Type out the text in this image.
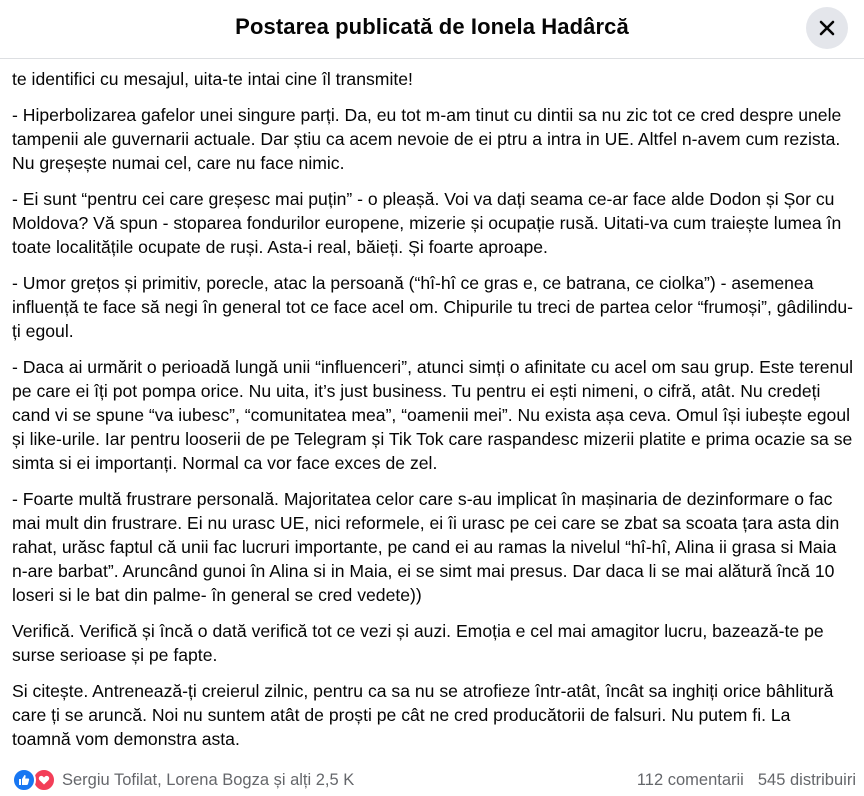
Postarea publicată de Ionela Hadârcă

te identifici cu mesajul, uita-te intai cine îl transmite!

- Hiperbolizarea gafelor unei singure parți. Da, eu tot m-am tinut cu dintii sa nu zic tot ce cred despre unele tampenii ale guvernarii actuale. Dar știu ca acem nevoie de ei ptru a intra in UE. Altfel n-avem cum rezista. Nu greșește numai cel, care nu face nimic.

- Ei sunt “pentru cei care greșesc mai puțin” - o pleașă. Voi va dați seama ce-ar face alde Dodon și Șor cu Moldova? Vă spun - stoparea fondurilor europene, mizerie și ocupație rusă. Uitati-va cum traiește lumea în toate localitățile ocupate de ruși. Asta-i real, băieți. Și foarte aproape.

- Umor grețos și primitiv, porecle, atac la persoană (“hî-hî ce gras e, ce batrana, ce ciolka”) - asemenea influență te face să negi în general tot ce face acel om. Chipurile tu treci de partea celor “frumoși”, gâdilindu-ți egoul.

- Daca ai urmărit o perioadă lungă unii “influenceri”, atunci simți o afinitate cu acel om sau grup. Este terenul pe care ei îți pot pompa orice. Nu uita, it’s just business. Tu pentru ei ești nimeni, o cifră, atât. Nu credeți cand vi se spune “va iubesc”, “comunitatea mea”, “oamenii mei”. Nu exista așa ceva. Omul își iubește egoul și like-urile. Iar pentru looserii de pe Telegram și Tik Tok care raspandesc mizerii platite e prima ocazie sa se simta si ei importanți. Normal ca vor face exces de zel.

- Foarte multă frustrare personală. Majoritatea celor care s-au implicat în mașinaria de dezinformare o fac mai mult din frustrare. Ei nu urasc UE, nici reformele, ei îi urasc pe cei care se zbat sa scoata țara asta din rahat, urăsc faptul că unii fac lucruri importante, pe cand ei au ramas la nivelul “hî-hî, Alina ii grasa si Maia n-are barbat”. Aruncând gunoi în Alina si in Maia, ei se simt mai presus. Dar daca li se mai alătură încă 10 loseri si le bat din palme- în general se cred vedete))

Verifică. Verifică și încă o dată verifică tot ce vezi și auzi. Emoția e cel mai amagitor lucru, bazează-te pe surse serioase și pe fapte.

Si citește. Antrenează-ți creierul zilnic, pentru ca sa nu se atrofieze într-atât, încât sa inghiți orice bâhlitură care ți se aruncă. Noi nu suntem atât de proști pe cât ne cred producătorii de falsuri. Nu putem fi. La toamnă vom demonstra asta.

Sergiu Tofilat, Lorena Bogza și alți 2,5 K	112 comentarii 545 distribuiri
